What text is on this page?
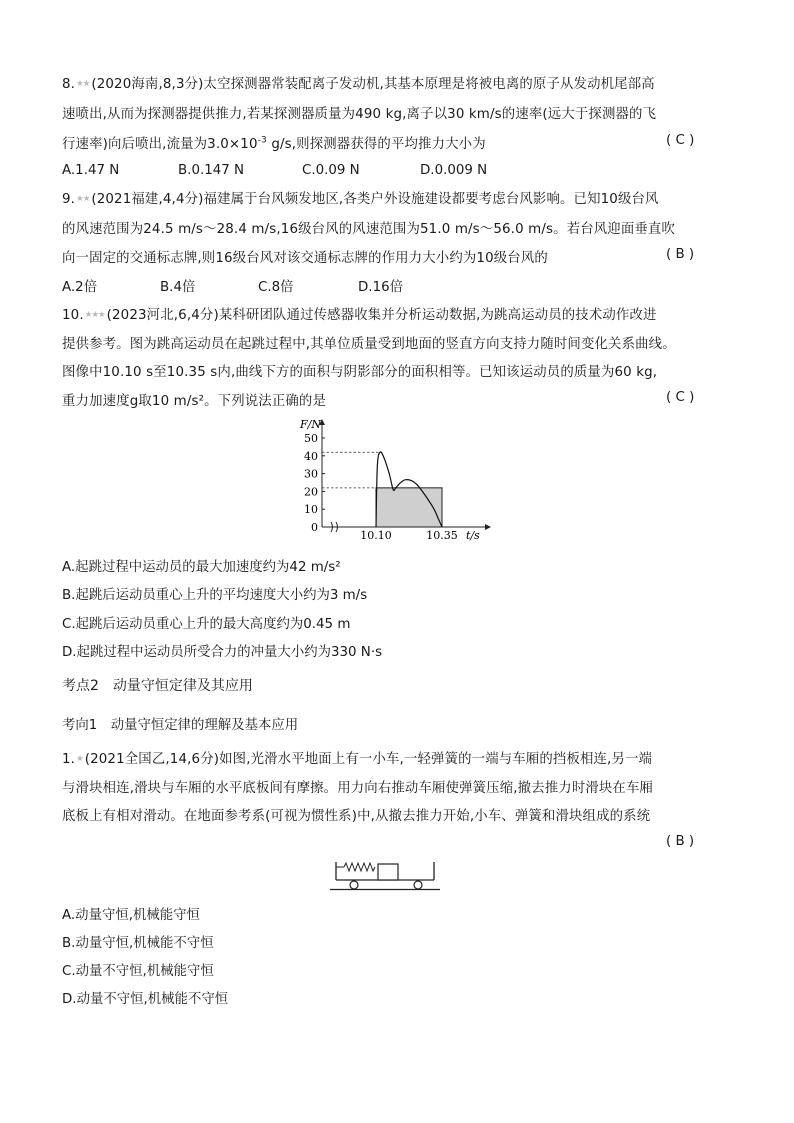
8.★★ (2020海南,8,3分)太空探测器常装配离子发动机,其基本原理是将被电离的原子从发动机尾部高
速喷出,从而为探测器提供推力,若某探测器质量为490 kg,离子以30 km/s的速率(远大于探测器的飞
行速率)向后喷出,流量为$3.0\times 10^{-3}$ g/s,则探测器获得的平均推力大小为	( C )
A.1.47 N	B.0.147 N	C.0.09 N	D.0.009 N
9.★★ (2021福建,4,4分)福建属于台风频发地区,各类户外设施建设都要考虑台风影响。已知10级台风
的风速范围为24.5 m/s～28.4 m/s,16级台风的风速范围为51.0 m/s～56.0 m/s。若台风迎面垂直吹
向一固定的交通标志牌,则16级台风对该交通标志牌的作用力大小约为10级台风的	( B )
A.2倍	B.4倍	C.8倍	D.16倍
10.★★★ (2023河北,6,4分)某科研团队通过传感器收集并分析运动数据,为跳高运动员的技术动作改进
提供参考。图为跳高运动员在起跳过程中,其单位质量受到地面的竖直方向支持力随时间变化关系曲线。
图像中10.10 s至10.35 s内,曲线下方的面积与阴影部分的面积相等。已知该运动员的质量为60 kg,
重力加速度g取10 m/s²。下列说法正确的是	( C )
0
10
20
30
40
50
10.10	10.35
F/N
t/s
A.起跳过程中运动员的最大加速度约为42 m/s²
B.起跳后运动员重心上升的平均速度大小约为3 m/s
C.起跳后运动员重心上升的最大高度约为0.45 m
D.起跳过程中运动员所受合力的冲量大小约为330 N·s
考点2　动量守恒定律及其应用
考向1　动量守恒定律的理解及基本应用
1.★ (2021全国乙,14,6分)如图,光滑水平地面上有一小车,一轻弹簧的一端与车厢的挡板相连,另一端
与滑块相连,滑块与车厢的水平底板间有摩擦。用力向右推动车厢使弹簧压缩,撤去推力时滑块在车厢
底板上有相对滑动。在地面参考系(可视为惯性系)中,从撤去推力开始,小车、弹簧和滑块组成的系统
( B )
A.动量守恒,机械能守恒
B.动量守恒,机械能不守恒
C.动量不守恒,机械能守恒
D.动量不守恒,机械能不守恒
